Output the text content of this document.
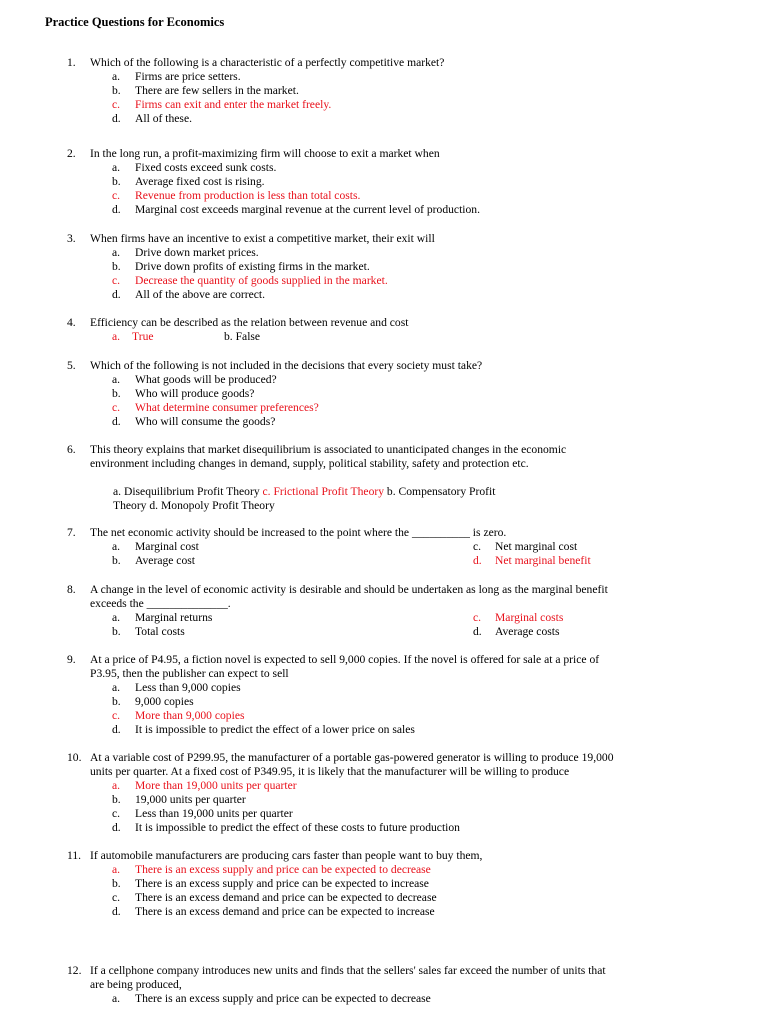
Practice Questions for Economics
1. Which of the following is a characteristic of a perfectly competitive market?
a. Firms are price setters.
b. There are few sellers in the market.
c. Firms can exit and enter the market freely.
d. All of these.
2. In the long run, a profit-maximizing firm will choose to exit a market when
a. Fixed costs exceed sunk costs.
b. Average fixed cost is rising.
c. Revenue from production is less than total costs.
d. Marginal cost exceeds marginal revenue at the current level of production.
3. When firms have an incentive to exist a competitive market, their exit will
a. Drive down market prices.
b. Drive down profits of existing firms in the market.
c. Decrease the quantity of goods supplied in the market.
d. All of the above are correct.
4. Efficiency can be described as the relation between revenue and cost
a. True	b. False
5. Which of the following is not included in the decisions that every society must take?
a. What goods will be produced?
b. Who will produce goods?
c. What determine consumer preferences?
d. Who will consume the goods?
6. This theory explains that market disequilibrium is associated to unanticipated changes in the economic
environment including changes in demand, supply, political stability, safety and protection etc.
a. Disequilibrium Profit Theory c. Frictional Profit Theory b. Compensatory Profit
Theory d. Monopoly Profit Theory
7. The net economic activity should be increased to the point where the __________ is zero.
a. Marginal cost	c. Net marginal cost
b. Average cost	d. Net marginal benefit
8. A change in the level of economic activity is desirable and should be undertaken as long as the marginal benefit
exceeds the ______________.
a. Marginal returns	c. Marginal costs
b. Total costs	d. Average costs
9. At a price of P4.95, a fiction novel is expected to sell 9,000 copies. If the novel is offered for sale at a price of
P3.95, then the publisher can expect to sell
a. Less than 9,000 copies
b. 9,000 copies
c. More than 9,000 copies
d. It is impossible to predict the effect of a lower price on sales
10. At a variable cost of P299.95, the manufacturer of a portable gas-powered generator is willing to produce 19,000
units per quarter. At a fixed cost of P349.95, it is likely that the manufacturer will be willing to produce
a. More than 19,000 units per quarter
b. 19,000 units per quarter
c. Less than 19,000 units per quarter
d. It is impossible to predict the effect of these costs to future production
11. If automobile manufacturers are producing cars faster than people want to buy them,
a. There is an excess supply and price can be expected to decrease
b. There is an excess supply and price can be expected to increase
c. There is an excess demand and price can be expected to decrease
d. There is an excess demand and price can be expected to increase
12. If a cellphone company introduces new units and finds that the sellers' sales far exceed the number of units that
are being produced,
a. There is an excess supply and price can be expected to decrease
